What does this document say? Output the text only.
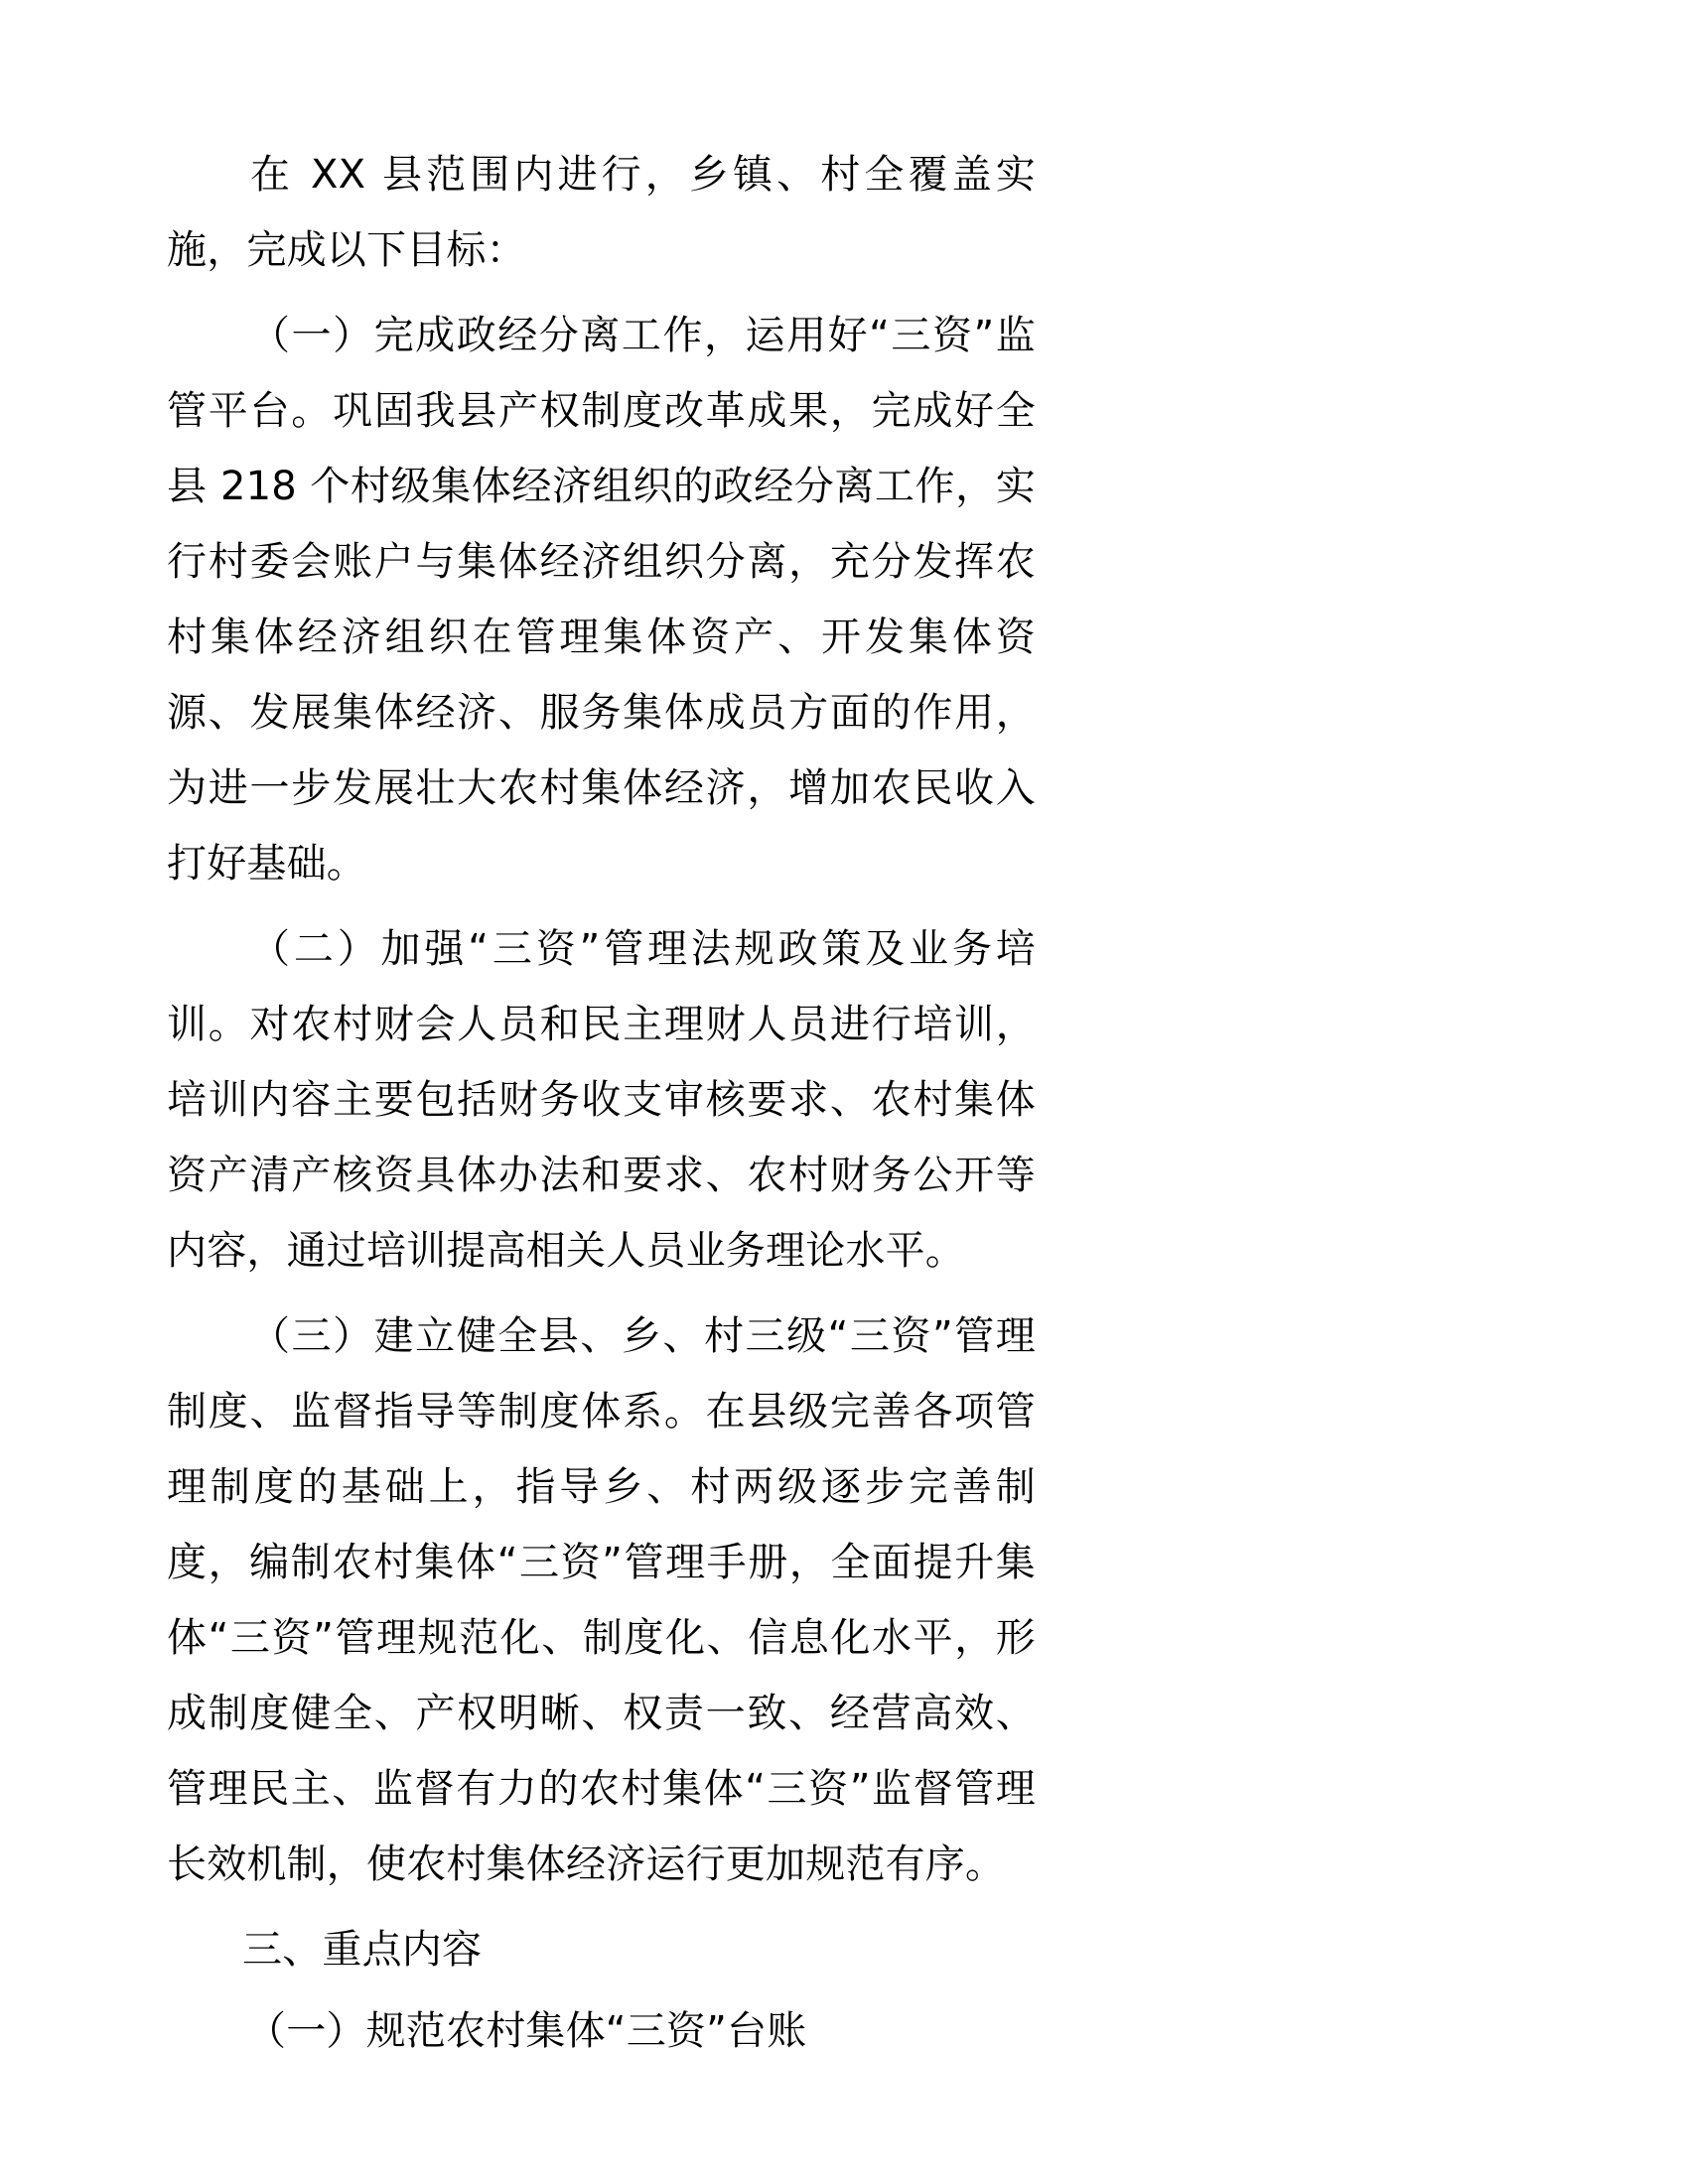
在 XX 县范围内进行，乡镇、村全覆盖实施，完成以下目标：

（一）完成政经分离工作，运用好“三资”监管平台。巩固我县产权制度改革成果，完成好全县 218 个村级集体经济组织的政经分离工作，实行村委会账户与集体经济组织分离，充分发挥农村集体经济组织在管理集体资产、开发集体资源、发展集体经济、服务集体成员方面的作用，为进一步发展壮大农村集体经济，增加农民收入打好基础。

（二）加强“三资”管理法规政策及业务培训。对农村财会人员和民主理财人员进行培训，培训内容主要包括财务收支审核要求、农村集体资产清产核资具体办法和要求、农村财务公开等内容，通过培训提高相关人员业务理论水平。

（三）建立健全县、乡、村三级“三资”管理制度、监督指导等制度体系。在县级完善各项管理制度的基础上，指导乡、村两级逐步完善制度，编制农村集体“三资”管理手册，全面提升集体“三资”管理规范化、制度化、信息化水平，形成制度健全、产权明晰、权责一致、经营高效、管理民主、监督有力的农村集体“三资”监督管理长效机制，使农村集体经济运行更加规范有序。

三、重点内容

（一）规范农村集体“三资”台账
